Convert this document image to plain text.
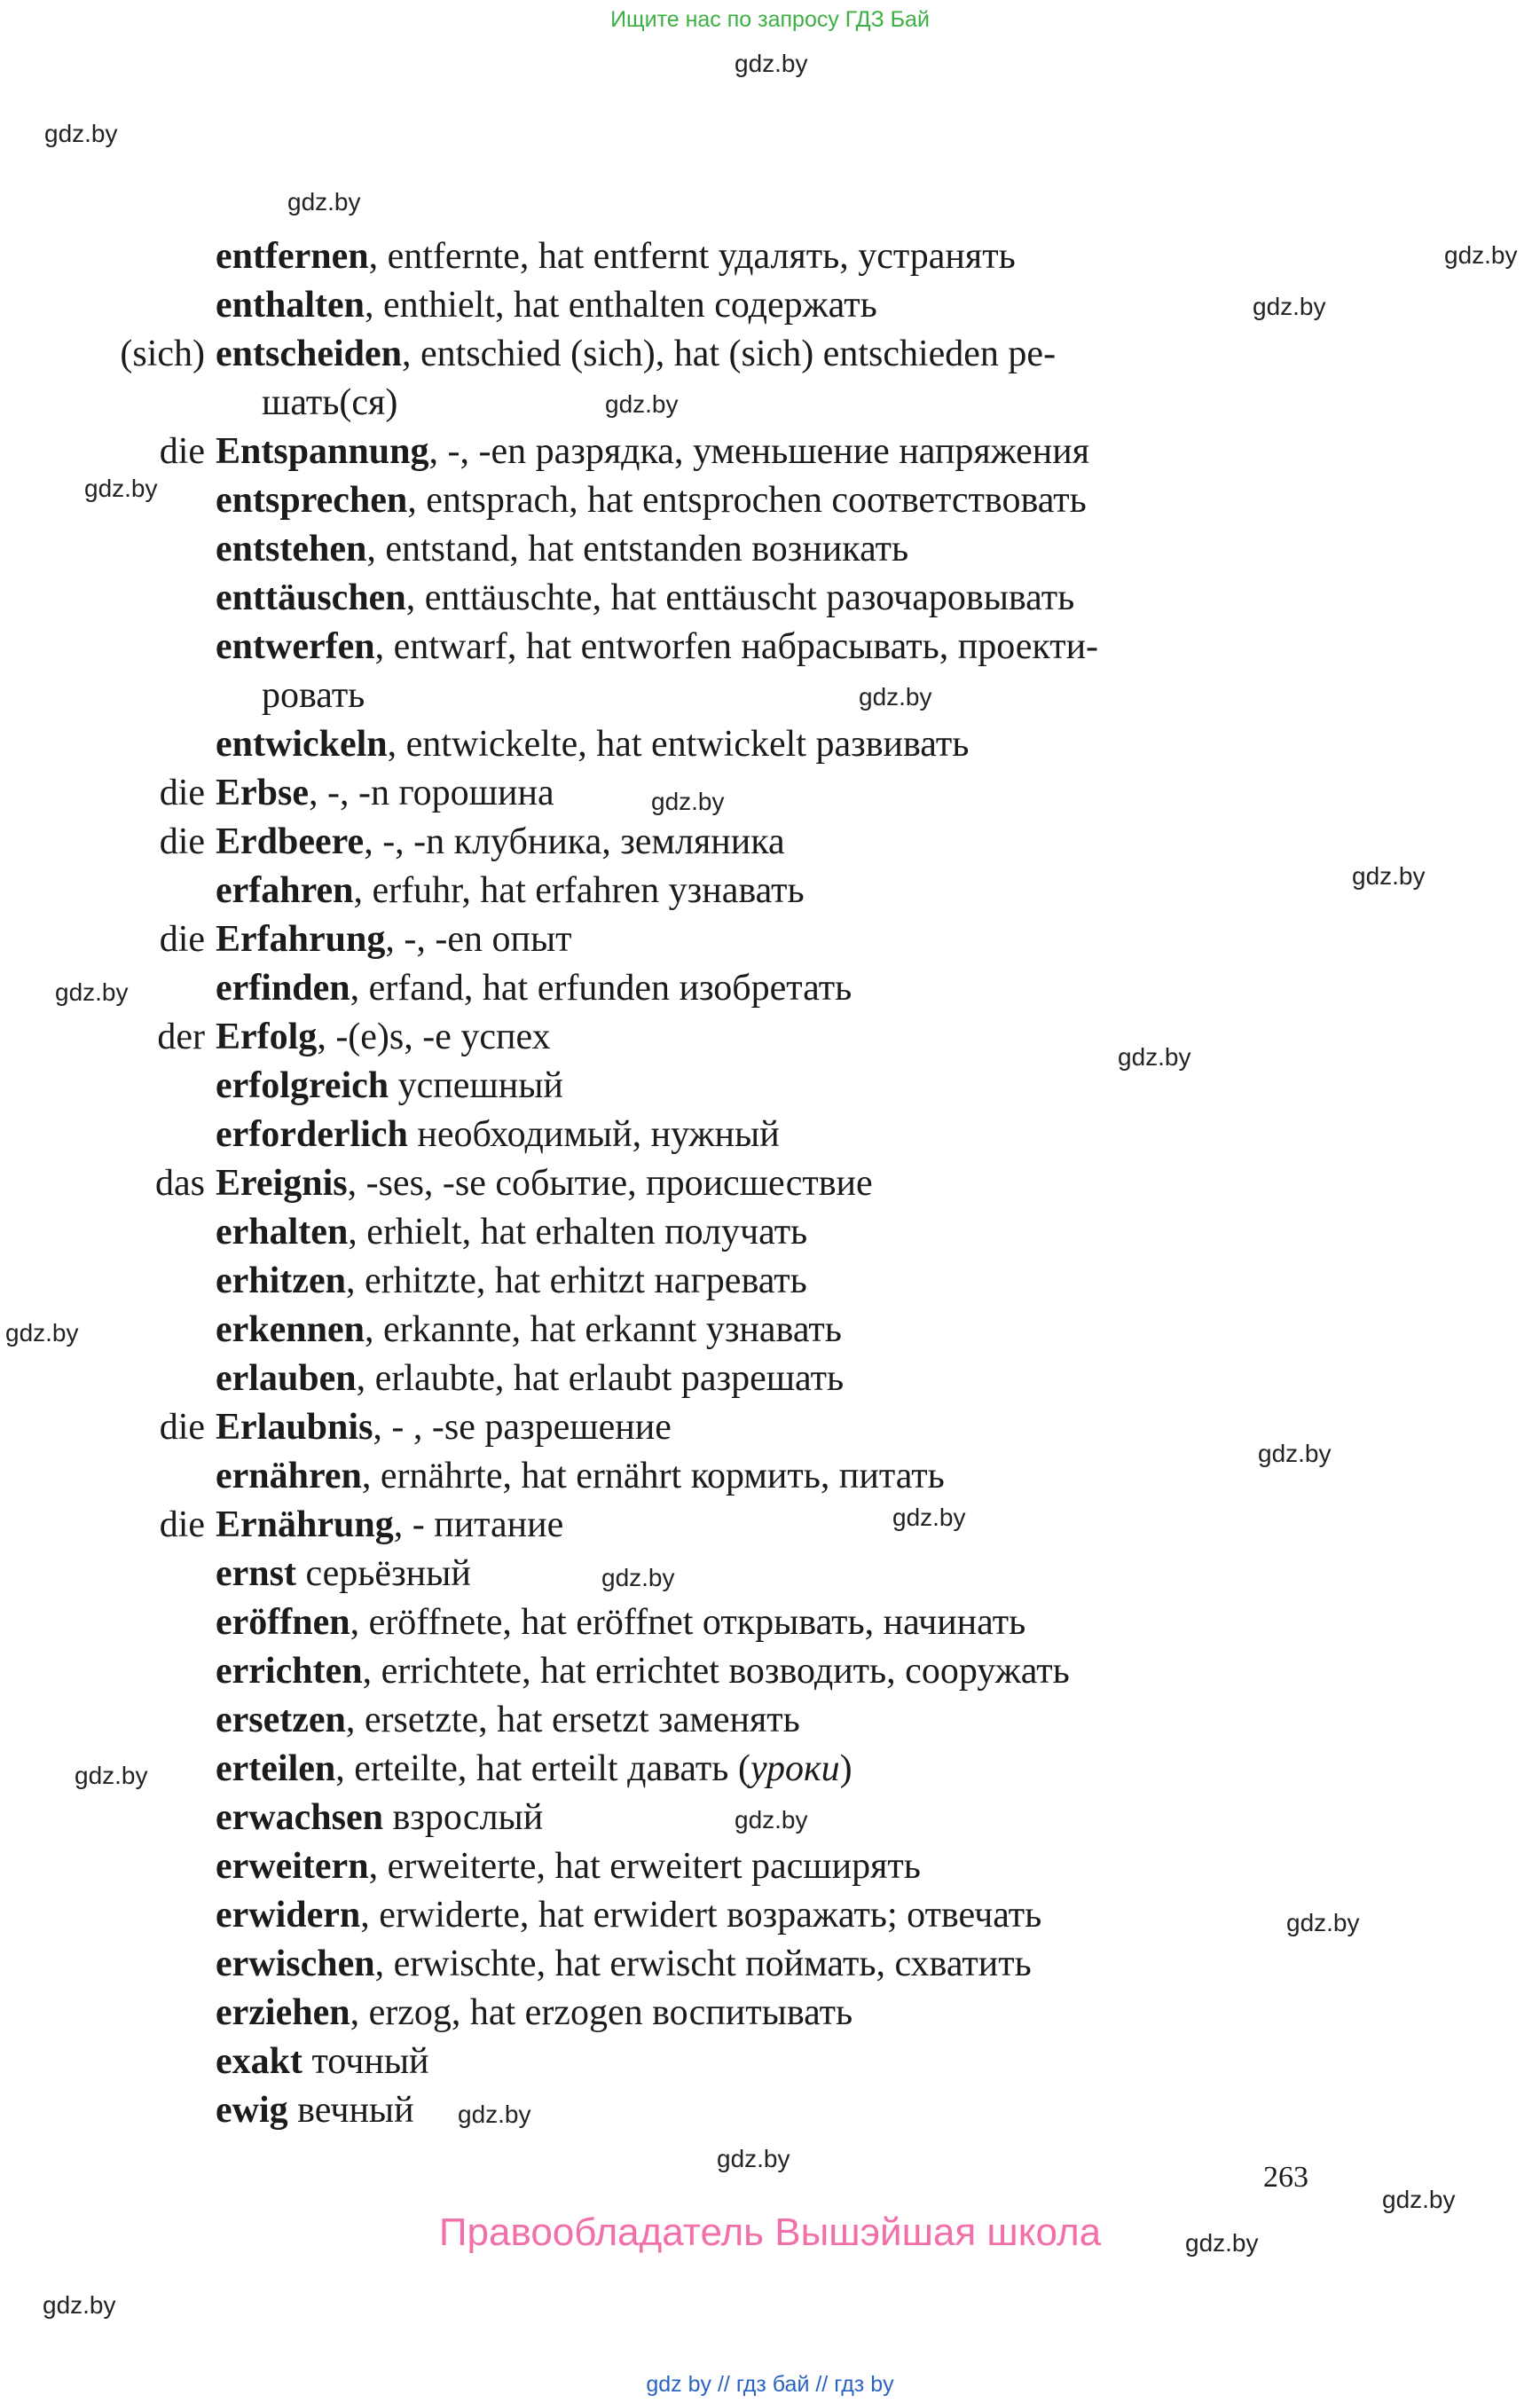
Ищите нас по запросу ГДЗ Бай
gdz.by
gdz.by
gdz.by
gdz.by
gdz.by
gdz.by
gdz.by
gdz.by
gdz.by
gdz.by
gdz.by
gdz.by
gdz.by
gdz.by
gdz.by
gdz.by
gdz.by
gdz.by
gdz.by
gdz.by
gdz.by
gdz.by
gdz.by
gdz.by
entfernen, entfernte, hat entfernt удалять, устранять
enthalten, enthielt, hat enthalten содержать
(sich) entscheiden, entschied (sich), hat (sich) entschieden ре-
шать(ся)
die Entspannung, -, -en разрядка, уменьшение напряжения
entsprechen, entsprach, hat entsprochen соответствовать
entstehen, entstand, hat entstanden возникать
enttäuschen, enttäuschte, hat enttäuscht разочаровывать
entwerfen, entwarf, hat entworfen набрасывать, проекти-
ровать
entwickeln, entwickelte, hat entwickelt развивать
die Erbse, -, -n горошина
die Erdbeere, -, -n клубника, земляника
erfahren, erfuhr, hat erfahren узнавать
die Erfahrung, -, -en опыт
erfinden, erfand, hat erfunden изобретать
der Erfolg, -(e)s, -e успех
erfolgreich успешный
erforderlich необходимый, нужный
das Ereignis, -ses, -se событие, происшествие
erhalten, erhielt, hat erhalten получать
erhitzen, erhitzte, hat erhitzt нагревать
erkennen, erkannte, hat erkannt узнавать
erlauben, erlaubte, hat erlaubt разрешать
die Erlaubnis, - , -se разрешение
ernähren, ernährte, hat ernährt кормить, питать
die Ernährung, - питание
ernst серьёзный
eröffnen, eröffnete, hat eröffnet открывать, начинать
errichten, errichtete, hat errichtet возводить, сооружать
ersetzen, ersetzte, hat ersetzt заменять
erteilen, erteilte, hat erteilt давать (уроки)
erwachsen взрослый
erweitern, erweiterte, hat erweitert расширять
erwidern, erwiderte, hat erwidert возражать; отвечать
erwischen, erwischte, hat erwischt поймать, схватить
erziehen, erzog, hat erzogen воспитывать
exakt точный
ewig вечный
263
Правообладатель Вышэйшая школа
gdz by // гдз бай // гдз by
